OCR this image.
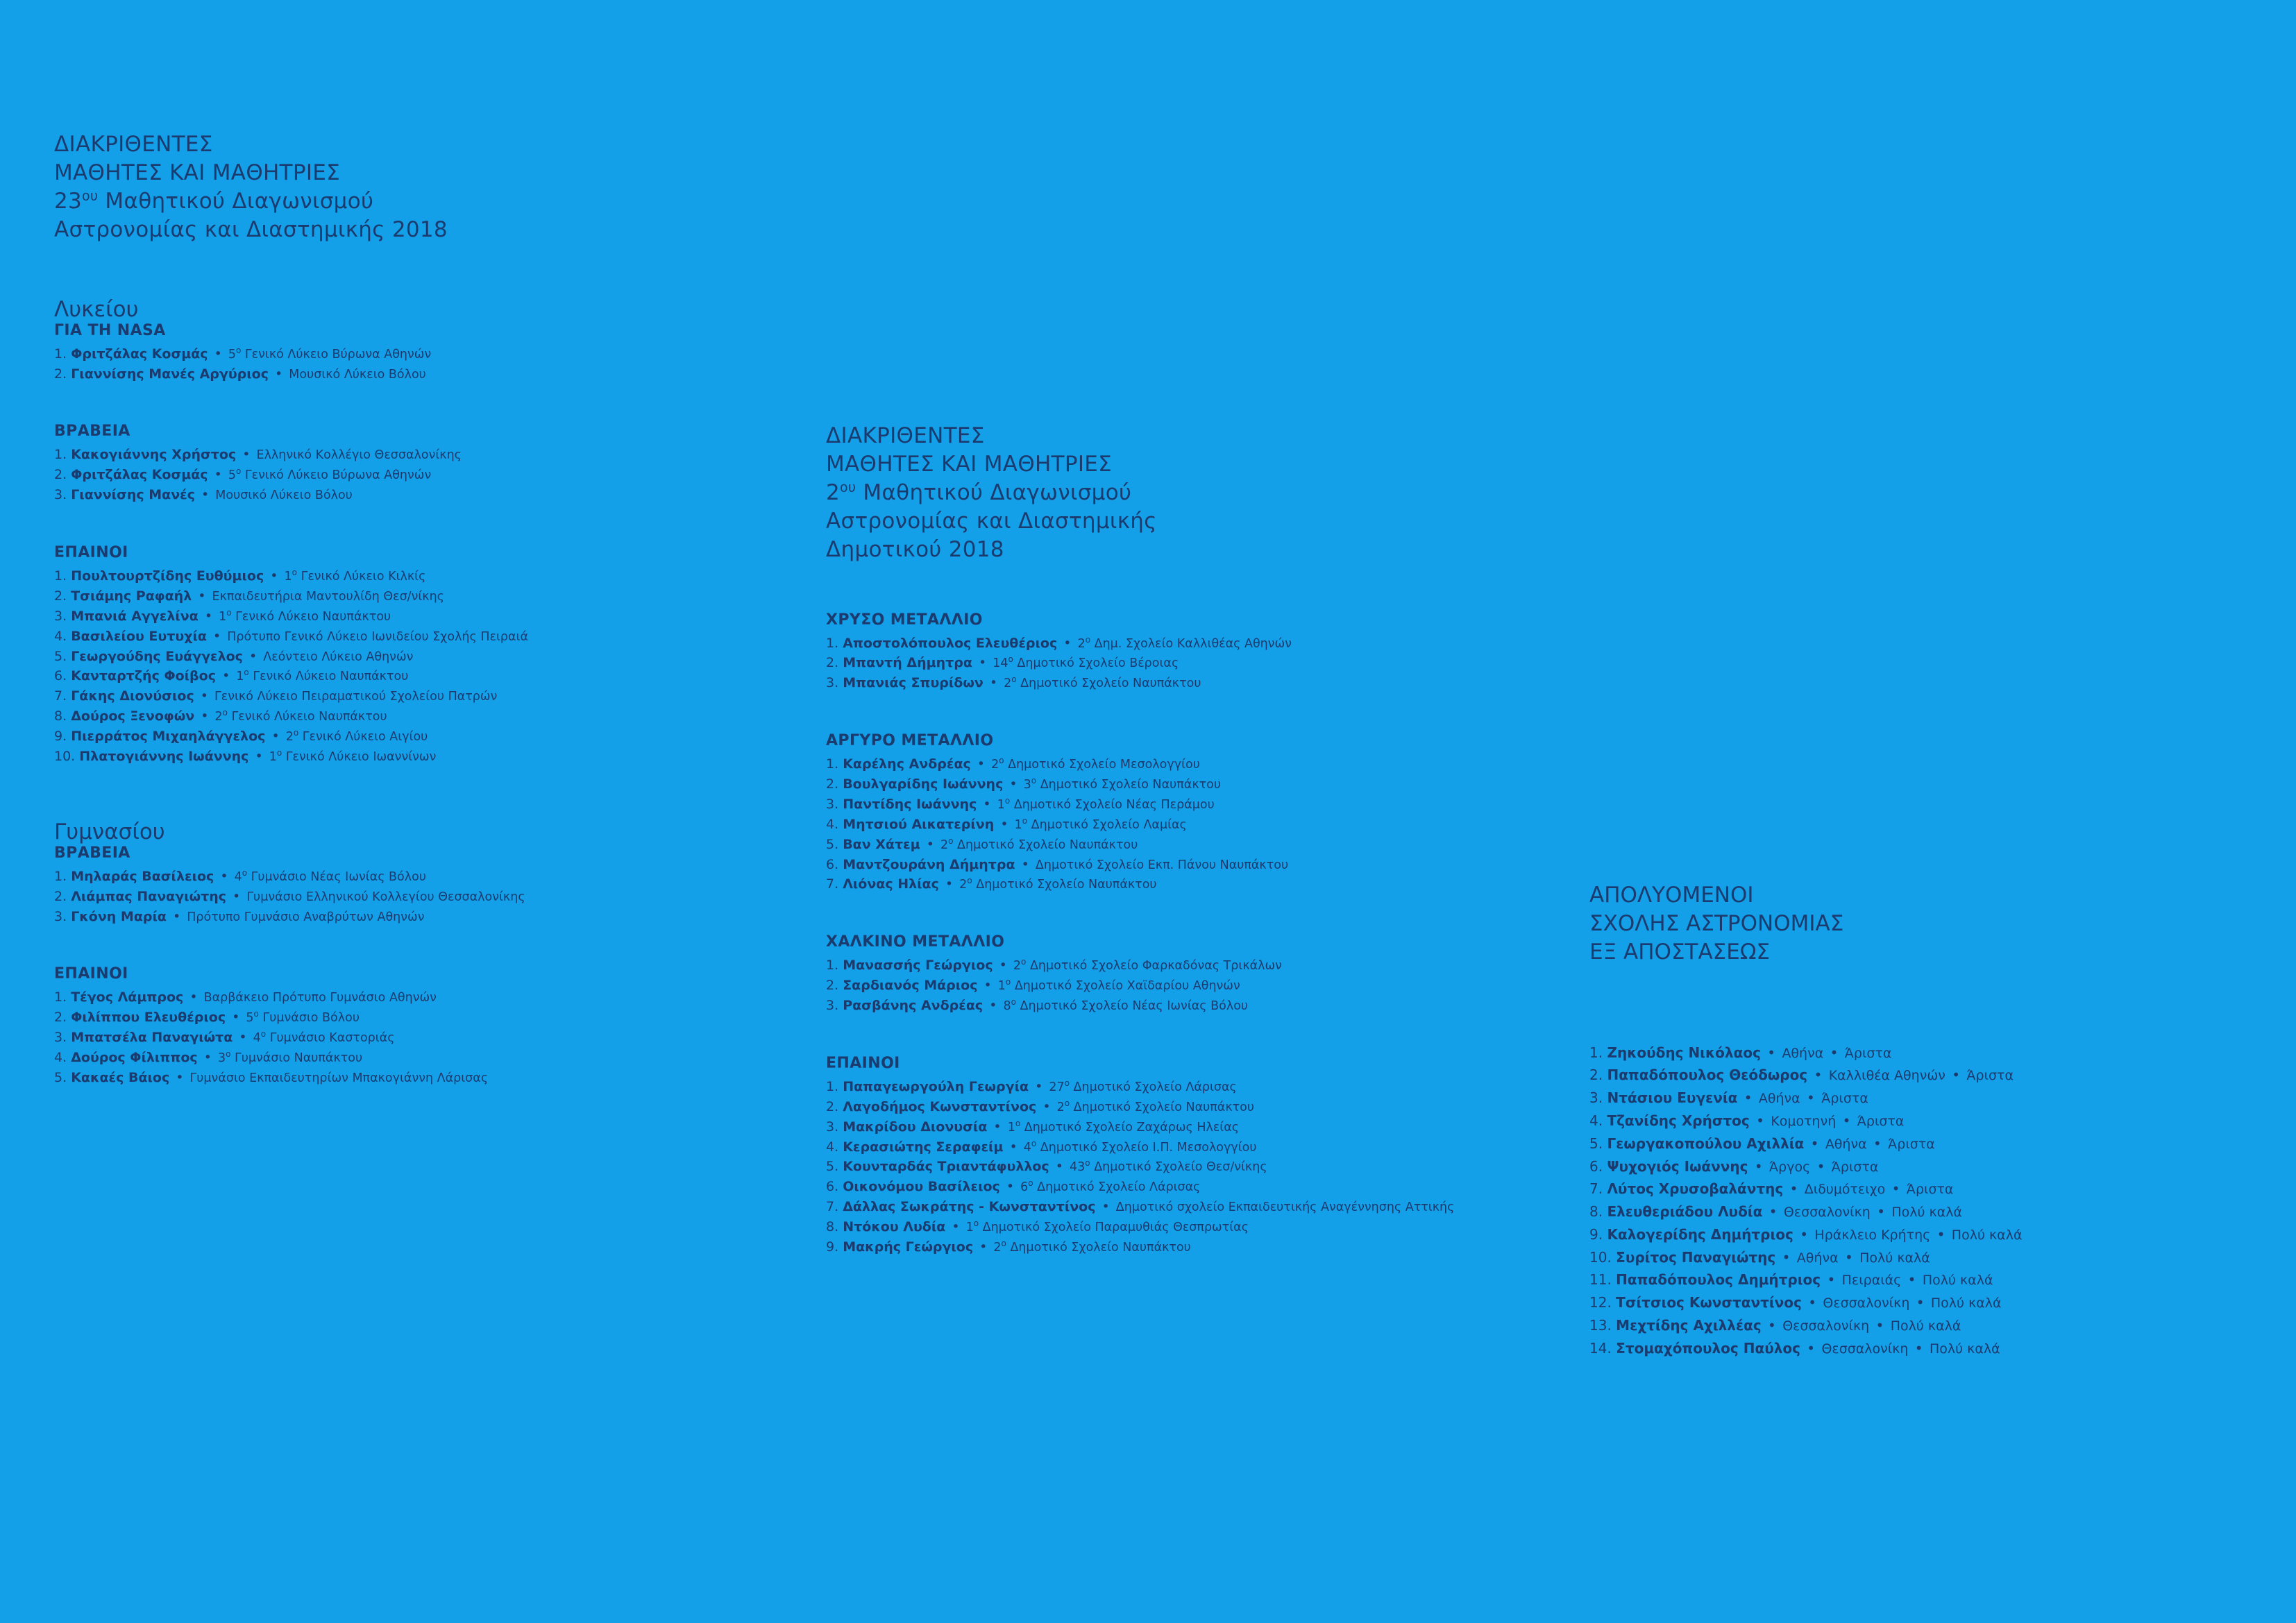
ΔΙΑΚΡΙΘΕΝΤΕΣ
ΜΑΘΗΤΕΣ ΚΑΙ ΜΑΘΗΤΡΙΕΣ
$23^{o\upsilon}$ Μαθητικού Διαγωνισμού
Αστρονομίας και Διαστημικής 2018
Λυκείου
ΓΙΑ ΤΗ NASA
1. Φριτζάλας Κοσμάς • $5^o$ Γενικό Λύκειο Βύρωνα Αθηνών
2. Γιαννίσης Μανές Αργύριος • Μουσικό Λύκειο Βόλου
ΒΡΑΒΕΙΑ
1. Κακογιάννης Χρήστος • Ελληνικό Κολλέγιο Θεσσαλονίκης
2. Φριτζάλας Κοσμάς • $5^o$ Γενικό Λύκειο Βύρωνα Αθηνών
3. Γιαννίσης Μανές • Μουσικό Λύκειο Βόλου
ΕΠΑΙΝΟΙ
1. Πουλτουρτζίδης Ευθύμιος • $1^o$ Γενικό Λύκειο Κιλκίς
2. Τσιάμης Ραφαήλ • Εκπαιδευτήρια Μαντουλίδη Θεσ/νίκης
3. Μπανιά Αγγελίνα • $1^o$ Γενικό Λύκειο Ναυπάκτου
4. Βασιλείου Ευτυχία • Πρότυπο Γενικό Λύκειο Ιωνιδείου Σχολής Πειραιά
5. Γεωργούδης Ευάγγελος • Λεόντειο Λύκειο Αθηνών
6. Κανταρτζής Φοίβος • $1^o$ Γενικό Λύκειο Ναυπάκτου
7. Γάκης Διονύσιος • Γενικό Λύκειο Πειραματικού Σχολείου Πατρών
8. Δούρος Ξενοφών • $2^o$ Γενικό Λύκειο Ναυπάκτου
9. Πιερράτος Μιχαηλάγγελος • $2^o$ Γενικό Λύκειο Αιγίου
10. Πλατογιάννης Ιωάννης • $1^o$ Γενικό Λύκειο Ιωαννίνων
Γυμνασίου
ΒΡΑΒΕΙΑ
1. Μηλαράς Βασίλειος • $4^o$ Γυμνάσιο Νέας Ιωνίας Βόλου
2. Λιάμπας Παναγιώτης • Γυμνάσιο Ελληνικού Κολλεγίου Θεσσαλονίκης
3. Γκόνη Μαρία • Πρότυπο Γυμνάσιο Αναβρύτων Αθηνών
ΕΠΑΙΝΟΙ
1. Τέγος Λάμπρος • Βαρβάκειο Πρότυπο Γυμνάσιο Αθηνών
2. Φιλίππου Ελευθέριος • $5^o$ Γυμνάσιο Βόλου
3. Μπατσέλα Παναγιώτα • $4^o$ Γυμνάσιο Καστοριάς
4. Δούρος Φίλιππος • $3^o$ Γυμνάσιο Ναυπάκτου
5. Κακαές Βάιος • Γυμνάσιο Εκπαιδευτηρίων Μπακογιάννη Λάρισας
ΔΙΑΚΡΙΘΕΝΤΕΣ
ΜΑΘΗΤΕΣ ΚΑΙ ΜΑΘΗΤΡΙΕΣ
$2^{o\upsilon}$ Μαθητικού Διαγωνισμού
Αστρονομίας και Διαστημικής
Δημοτικού 2018
ΧΡΥΣΟ ΜΕΤΑΛΛΙΟ
1. Αποστολόπουλος Ελευθέριος • $2^o$ Δημ. Σχολείο Καλλιθέας Αθηνών
2. Μπαντή Δήμητρα • $14^o$ Δημοτικό Σχολείο Βέροιας
3. Μπανιάς Σπυρίδων • $2^o$ Δημοτικό Σχολείο Ναυπάκτου
ΑΡΓΥΡΟ ΜΕΤΑΛΛΙΟ
1. Καρέλης Ανδρέας • $2^o$ Δημοτικό Σχολείο Μεσολογγίου
2. Βουλγαρίδης Ιωάννης • $3^o$ Δημοτικό Σχολείο Ναυπάκτου
3. Παντίδης Ιωάννης • $1^o$ Δημοτικό Σχολείο Νέας Περάμου
4. Μητσιού Αικατερίνη • $1^o$ Δημοτικό Σχολείο Λαμίας
5. Βαν Χάτεμ • $2^o$ Δημοτικό Σχολείο Ναυπάκτου
6. Μαντζουράνη Δήμητρα • Δημοτικό Σχολείο Εκπ. Πάνου Ναυπάκτου
7. Λιόνας Ηλίας • $2^o$ Δημοτικό Σχολείο Ναυπάκτου
ΧΑΛΚΙΝΟ ΜΕΤΑΛΛΙΟ
1. Μανασσής Γεώργιος • $2^o$ Δημοτικό Σχολείο Φαρκαδόνας Τρικάλων
2. Σαρδιανός Μάριος • $1^o$ Δημοτικό Σχολείο Χαϊδαρίου Αθηνών
3. Ρασβάνης Ανδρέας • $8^o$ Δημοτικό Σχολείο Νέας Ιωνίας Βόλου
ΕΠΑΙΝΟΙ
1. Παπαγεωργούλη Γεωργία • $27^o$ Δημοτικό Σχολείο Λάρισας
2. Λαγοδήμος Κωνσταντίνος • $2^o$ Δημοτικό Σχολείο Ναυπάκτου
3. Μακρίδου Διονυσία • $1^o$ Δημοτικό Σχολείο Ζαχάρως Ηλείας
4. Κερασιώτης Σεραφείμ • $4^o$ Δημοτικό Σχολείο Ι.Π. Μεσολογγίου
5. Κουνταρδάς Τριαντάφυλλος • $43^o$ Δημοτικό Σχολείο Θεσ/νίκης
6. Οικονόμου Βασίλειος • $6^o$ Δημοτικό Σχολείο Λάρισας
7. Δάλλας Σωκράτης - Κωνσταντίνος • Δημοτικό σχολείο Εκπαιδευτικής Αναγέννησης Αττικής
8. Ντόκου Λυδία • $1^o$ Δημοτικό Σχολείο Παραμυθιάς Θεσπρωτίας
9. Μακρής Γεώργιος • $2^o$ Δημοτικό Σχολείο Ναυπάκτου
ΑΠΟΛΥΟΜΕΝΟΙ
ΣΧΟΛΗΣ ΑΣΤΡΟΝΟΜΙΑΣ
ΕΞ ΑΠΟΣΤΑΣΕΩΣ
1. Ζηκούδης Νικόλαος • Αθήνα • Άριστα
2. Παπαδόπουλος Θεόδωρος • Καλλιθέα Αθηνών • Άριστα
3. Ντάσιου Ευγενία • Αθήνα • Άριστα
4. Τζανίδης Χρήστος • Κομοτηνή • Άριστα
5. Γεωργακοπούλου Αχιλλία • Αθήνα • Άριστα
6. Ψυχογιός Ιωάννης • Άργος • Άριστα
7. Λύτος Χρυσοβαλάντης • Διδυμότειχο • Άριστα
8. Ελευθεριάδου Λυδία • Θεσσαλονίκη • Πολύ καλά
9. Καλογερίδης Δημήτριος • Ηράκλειο Κρήτης • Πολύ καλά
10. Συρίτος Παναγιώτης • Αθήνα • Πολύ καλά
11. Παπαδόπουλος Δημήτριος • Πειραιάς • Πολύ καλά
12. Τσίτσιος Κωνσταντίνος • Θεσσαλονίκη • Πολύ καλά
13. Μεχτίδης Αχιλλέας • Θεσσαλονίκη • Πολύ καλά
14. Στομαχόπουλος Παύλος • Θεσσαλονίκη • Πολύ καλά
